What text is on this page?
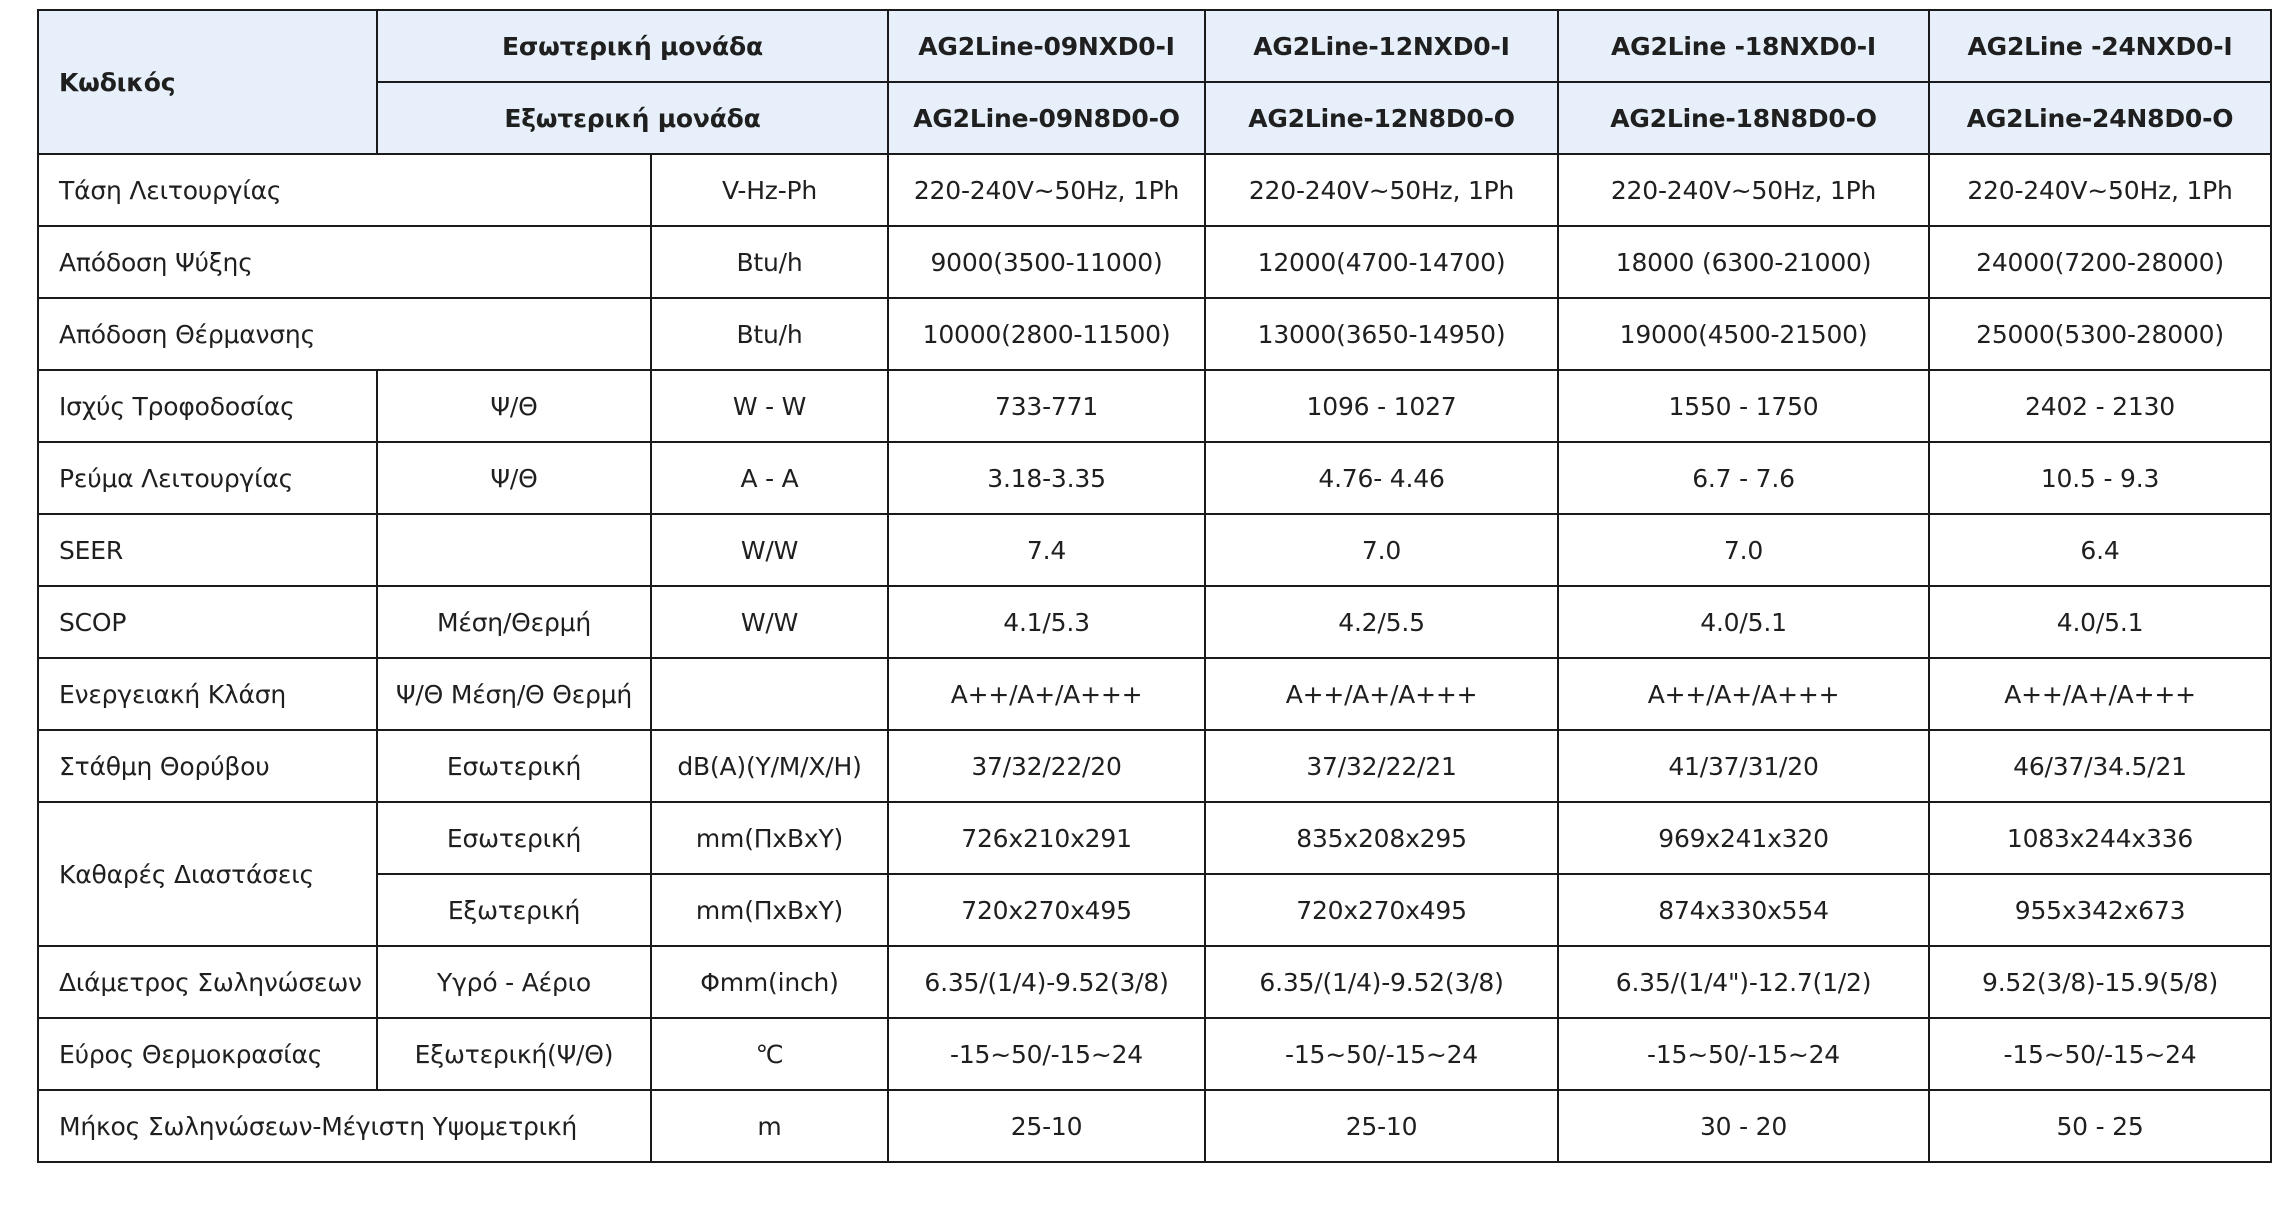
Κωδικός	Εσωτερική μονάδα		AG2Line-09NXD0-I	AG2Line-12NXD0-I	AG2Line -18NXD0-I	AG2Line -24NXD0-I
	Εξωτερική μονάδα		AG2Line-09N8D0-O	AG2Line-12N8D0-O	AG2Line-18N8D0-O	AG2Line-24N8D0-O
Τάση Λειτουργίας		V-Hz-Ph	220-240V~50Hz, 1Ph	220-240V~50Hz, 1Ph	220-240V~50Hz, 1Ph	220-240V~50Hz, 1Ph
Απόδοση Ψύξης		Btu/h	9000(3500-11000)	12000(4700-14700)	18000 (6300-21000)	24000(7200-28000)
Απόδοση Θέρμανσης		Btu/h	10000(2800-11500)	13000(3650-14950)	19000(4500-21500)	25000(5300-28000)
Ισχύς Τροφοδοσίας	Ψ/Θ	W - W	733-771	1096 - 1027	1550 - 1750	2402 - 2130
Ρεύμα Λειτουργίας	Ψ/Θ	A - A	3.18-3.35	4.76- 4.46	6.7 - 7.6	10.5 - 9.3
SEER		W/W	7.4	7.0	7.0	6.4
SCOP	Μέση/Θερμή	W/W	4.1/5.3	4.2/5.5	4.0/5.1	4.0/5.1
Ενεργειακή Κλάση	Ψ/Θ Μέση/Θ Θερμή		A++/A+/A+++	A++/A+/A+++	A++/A+/A+++	A++/A+/A+++
Στάθμη Θορύβου	Εσωτερική	dB(A)(Y/M/X/H)	37/32/22/20	37/32/22/21	41/37/31/20	46/37/34.5/21
Καθαρές Διαστάσεις	Εσωτερική	mm(ΠxΒxΥ)	726x210x291	835x208x295	969x241x320	1083x244x336
	Εξωτερική	mm(ΠxΒxΥ)	720x270x495	720x270x495	874x330x554	955x342x673
Διάμετρος Σωληνώσεων	Υγρό - Αέριο	Φmm(inch)	6.35/(1/4)-9.52(3/8)	6.35/(1/4)-9.52(3/8)	6.35/(1/4")-12.7(1/2)	9.52(3/8)-15.9(5/8)
Εύρος Θερμοκρασίας	Εξωτερική(Ψ/Θ)	℃	-15~50/-15~24	-15~50/-15~24	-15~50/-15~24	-15~50/-15~24
Μήκος Σωληνώσεων-Μέγιστη Υψομετρική		m	25-10	25-10	30 - 20	50 - 25
